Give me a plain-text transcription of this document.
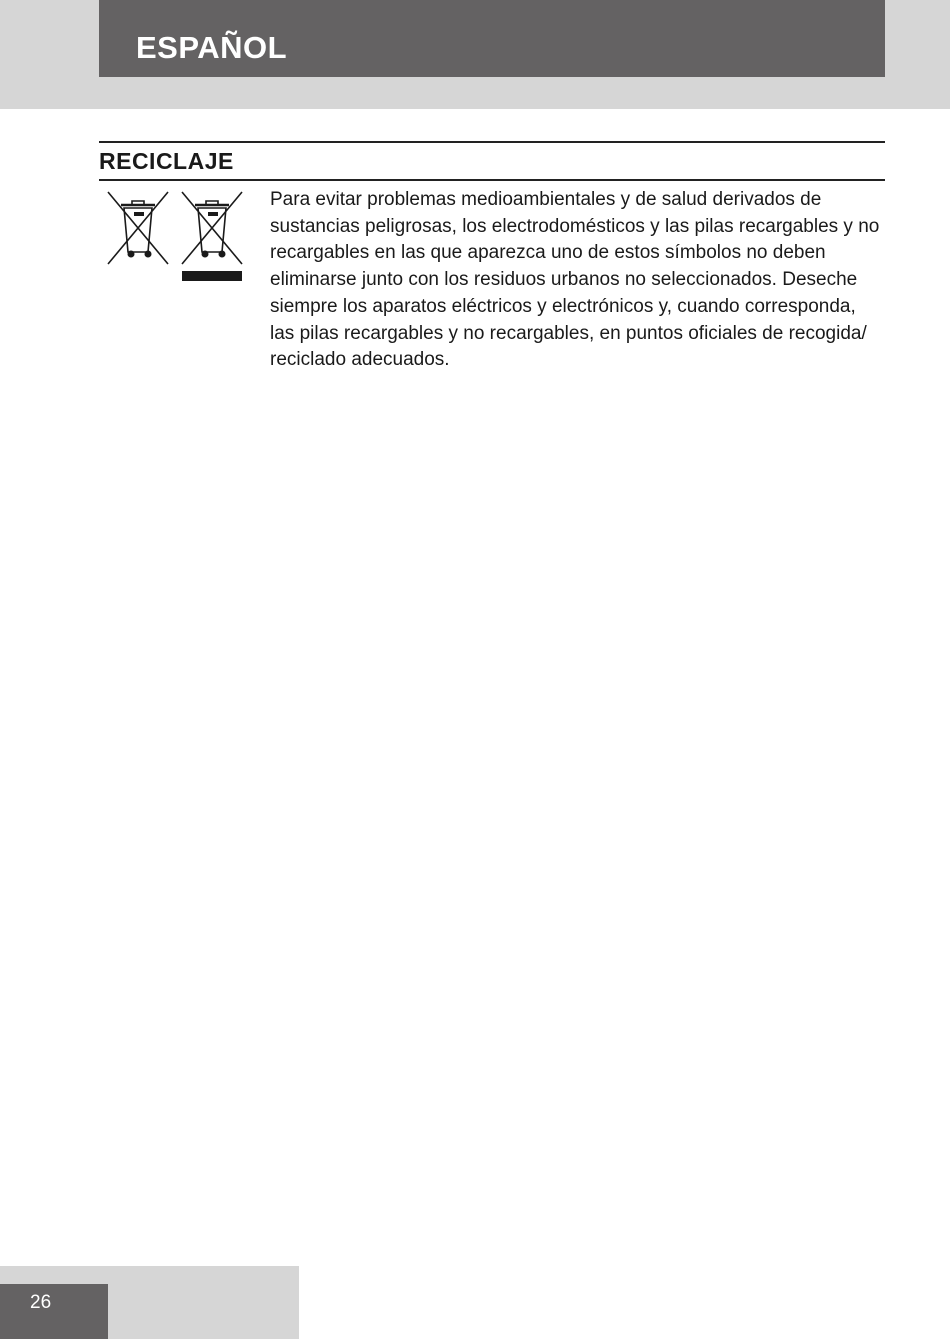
ESPAÑOL
RECICLAJE

Para evitar problemas medioambientales y de salud derivados de sustancias peligrosas, los electrodomésticos y las pilas recargables y no recargables en las que aparezca uno de estos símbolos no deben eliminarse junto con los residuos urbanos no seleccionados. Deseche siempre los aparatos eléctricos y electrónicos y, cuando corresponda, las pilas recargables y no recargables, en puntos oficiales de recogida/ reciclado adecuados.

26
